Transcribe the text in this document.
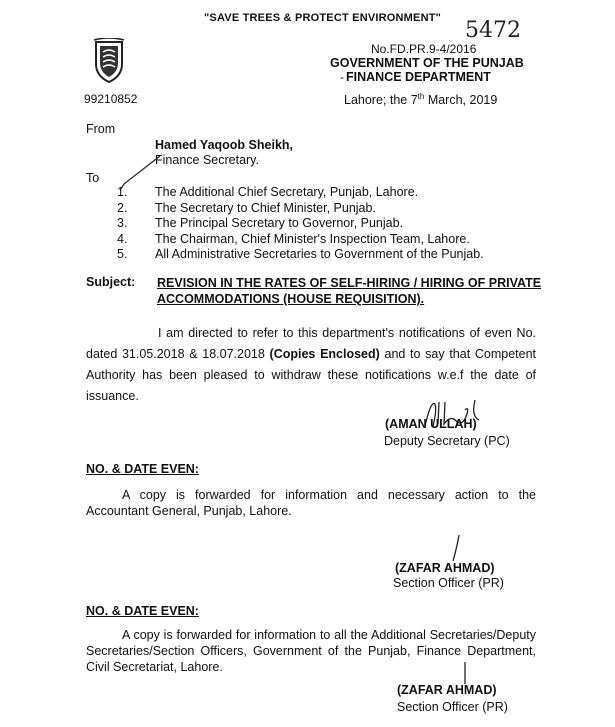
"SAVE TREES & PROTECT ENVIRONMENT" 5472
99210852
No.FD.PR.9-4/2016
GOVERNMENT OF THE PUNJAB
- FINANCE DEPARTMENT
Lahore; the 7th March, 2019
From
Hamed Yaqoob Sheikh,
Finance Secretary.
To
1.	The Additional Chief Secretary, Punjab, Lahore.
2.	The Secretary to Chief Minister, Punjab.
3.	The Principal Secretary to Governor, Punjab.
4.	The Chairman, Chief Minister's Inspection Team, Lahore.
5.	All Administrative Secretaries to Government of the Punjab.
Subject: REVISION IN THE RATES OF SELF-HIRING / HIRING OF PRIVATE ACCOMMODATIONS (HOUSE REQUISITION).
I am directed to refer to this department's notifications of even No. dated 31.05.2018 & 18.07.2018 (Copies Enclosed) and to say that Competent Authority has been pleased to withdraw these notifications w.e.f the date of issuance.
(AMAN ULLAH)
Deputy Secretary (PC)
NO. & DATE EVEN:
A copy is forwarded for information and necessary action to the Accountant General, Punjab, Lahore.
(ZAFAR AHMAD)
Section Officer (PR)
NO. & DATE EVEN:
A copy is forwarded for information to all the Additional Secretaries/Deputy Secretaries/Section Officers, Government of the Punjab, Finance Department, Civil Secretariat, Lahore.
(ZAFAR AHMAD)
Section Officer (PR)
